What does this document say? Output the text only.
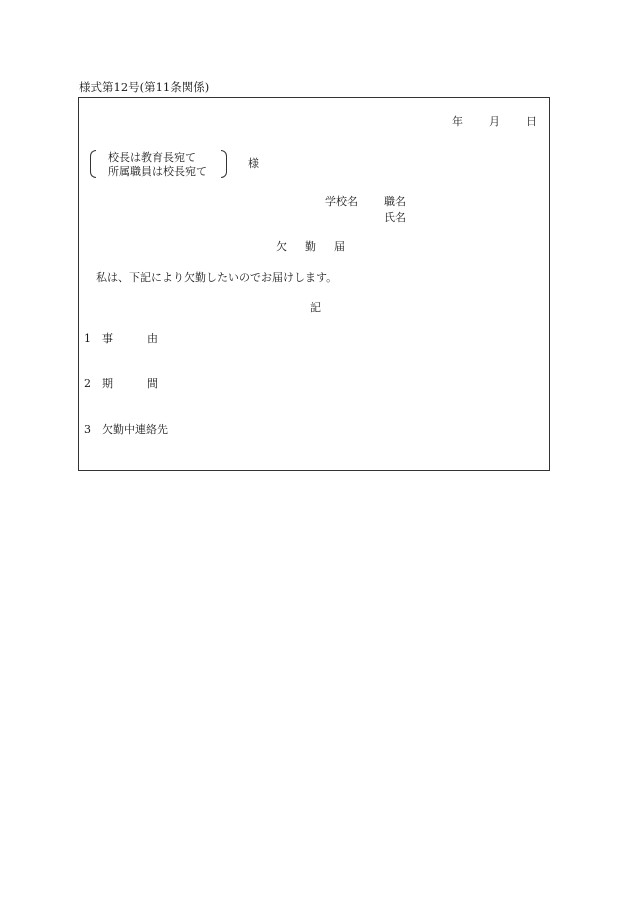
様式第12号(第11条関係)
年 月 日
校長は教育長宛て
所属職員は校長宛て
様
学校名 職名
氏名
欠 勤 届
私は、下記により欠勤したいのでお届けします。
記
1 事	由
2 期	間
3 欠勤中連絡先
